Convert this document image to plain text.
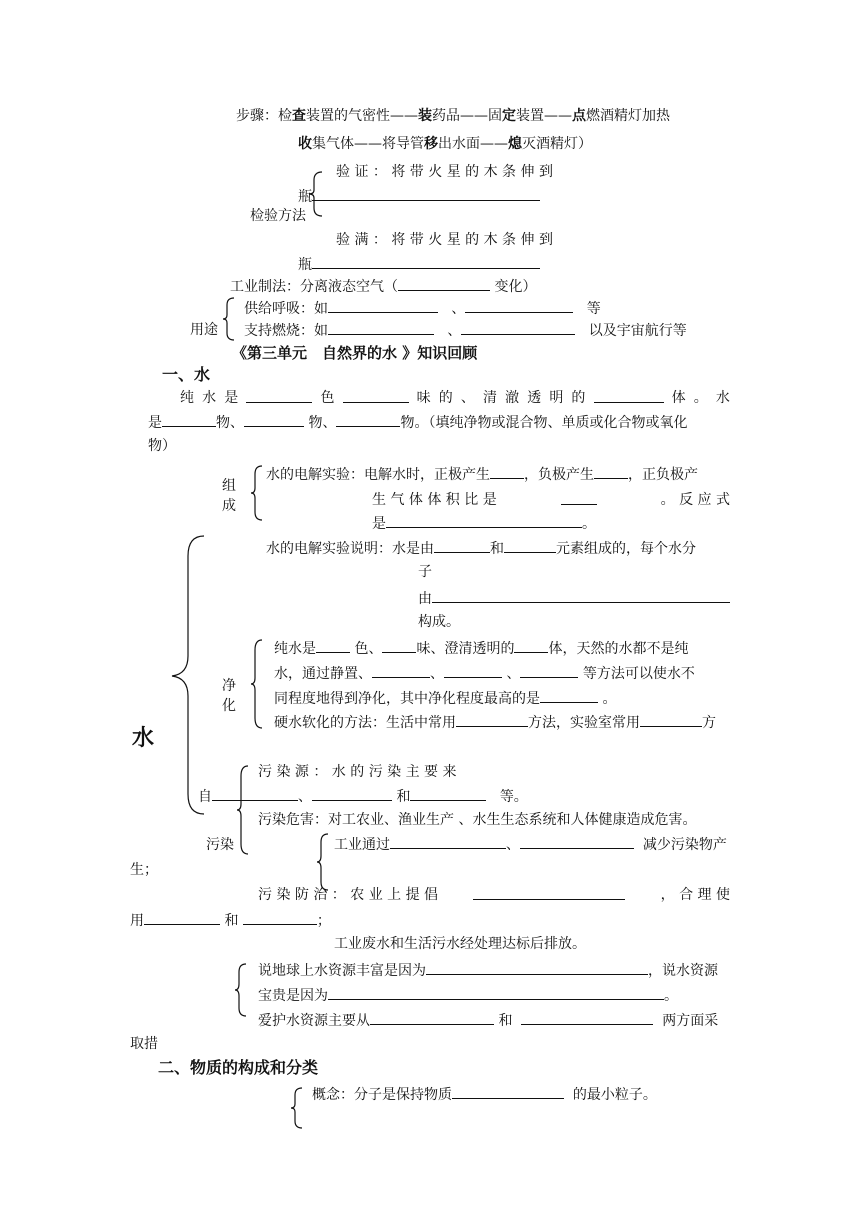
步骤：检查装置的气密性——装药品——固定装置——点燃酒精灯加热
收集气体——将导管移出水面——熄灭酒精灯）
验 证 ： 将 带 火 星 的 木 条 伸 到
瓶
检验方法
验 满 ： 将 带 火 星 的 木 条 伸 到
瓶
工业制法：分离液态空气（	变化）
用途
供给呼吸：如	、	等
支持燃烧：如	、	以及宇宙航行等
《第三单元　自然界的水 》知识回顾
一、水
纯 水 是	色	味 的 、 清 澈 透 明 的	体 。 水
是	物、	物、	物。（填纯净物或混合物、单质或化合物或氧化
物）
水
组
成
水的电解实验：电解水时，正极产生 ，负极产生 ，正负极产
生 气 体 体 积 比 是	。 反 应 式
是	。
水的电解实验说明：水是由	和	元素组成的，每个水分
子
由
构成。
净
化
纯水是	色、 味、澄清透明的 体，天然的水都不是纯
水，通过静置、	、	、	等方法可以使水不
同程度地得到净化，其中净化程度最高的是	。
硬水软化的方法：生活中常用	方法，实验室常用	方
污 染 源 ： 水 的 污 染 主 要 来
自	、	和	等。
污染危害：对工农业、渔业生产 、水生生态系统和人体健康造成危害。
污染	工业通过	、	减少污染物产
生；
污 染 防 治 ： 农 业 上 提 倡	， 合 理 使
用	和	；
工业废水和生活污水经处理达标后排放。
说地球上水资源丰富是因为	，说水资源
宝贵是因为	。
爱护水资源主要从	和	两方面采
取措
二、物质的构成和分类
概念：分子是保持物质	的最小粒子。
